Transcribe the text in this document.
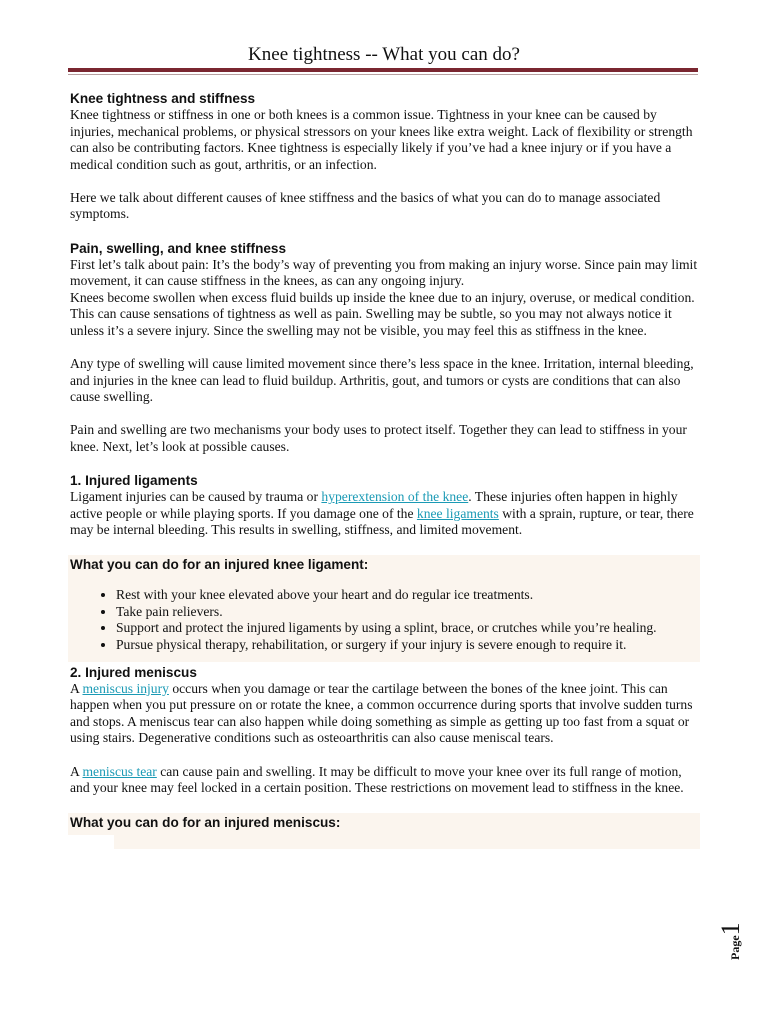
Knee tightness -- What you can do?
Knee tightness and stiffness

Knee tightness or stiffness in one or both knees is a common issue. Tightness in your knee can be caused by injuries, mechanical problems, or physical stressors on your knees like extra weight. Lack of flexibility or strength can also be contributing factors. Knee tightness is especially likely if you’ve had a knee injury or if you have a medical condition such as gout, arthritis, or an infection.

Here we talk about different causes of knee stiffness and the basics of what you can do to manage associated symptoms.

Pain, swelling, and knee stiffness

First let’s talk about pain: It’s the body’s way of preventing you from making an injury worse. Since pain may limit movement, it can cause stiffness in the knees, as can any ongoing injury.

Knees become swollen when excess fluid builds up inside the knee due to an injury, overuse, or medical condition. This can cause sensations of tightness as well as pain. Swelling may be subtle, so you may not always notice it unless it’s a severe injury. Since the swelling may not be visible, you may feel this as stiffness in the knee.

Any type of swelling will cause limited movement since there’s less space in the knee. Irritation, internal bleeding, and injuries in the knee can lead to fluid buildup. Arthritis, gout, and tumors or cysts are conditions that can also cause swelling.

Pain and swelling are two mechanisms your body uses to protect itself. Together they can lead to stiffness in your knee. Next, let’s look at possible causes.

1. Injured ligaments

Ligament injuries can be caused by trauma or hyperextension of the knee. These injuries often happen in highly active people or while playing sports. If you damage one of the knee ligaments with a sprain, rupture, or tear, there may be internal bleeding. This results in swelling, stiffness, and limited movement.

What you can do for an injured knee ligament:
• Rest with your knee elevated above your heart and do regular ice treatments.
• Take pain relievers.
• Support and protect the injured ligaments by using a splint, brace, or crutches while you’re healing.
• Pursue physical therapy, rehabilitation, or surgery if your injury is severe enough to require it.
2. Injured meniscus

A meniscus injury occurs when you damage or tear the cartilage between the bones of the knee joint. This can happen when you put pressure on or rotate the knee, a common occurrence during sports that involve sudden turns and stops. A meniscus tear can also happen while doing something as simple as getting up too fast from a squat or using stairs. Degenerative conditions such as osteoarthritis can also cause meniscal tears.

A meniscus tear can cause pain and swelling. It may be difficult to move your knee over its full range of motion, and your knee may feel locked in a certain position. These restrictions on movement lead to stiffness in the knee.

What you can do for an injured meniscus:
Page1
